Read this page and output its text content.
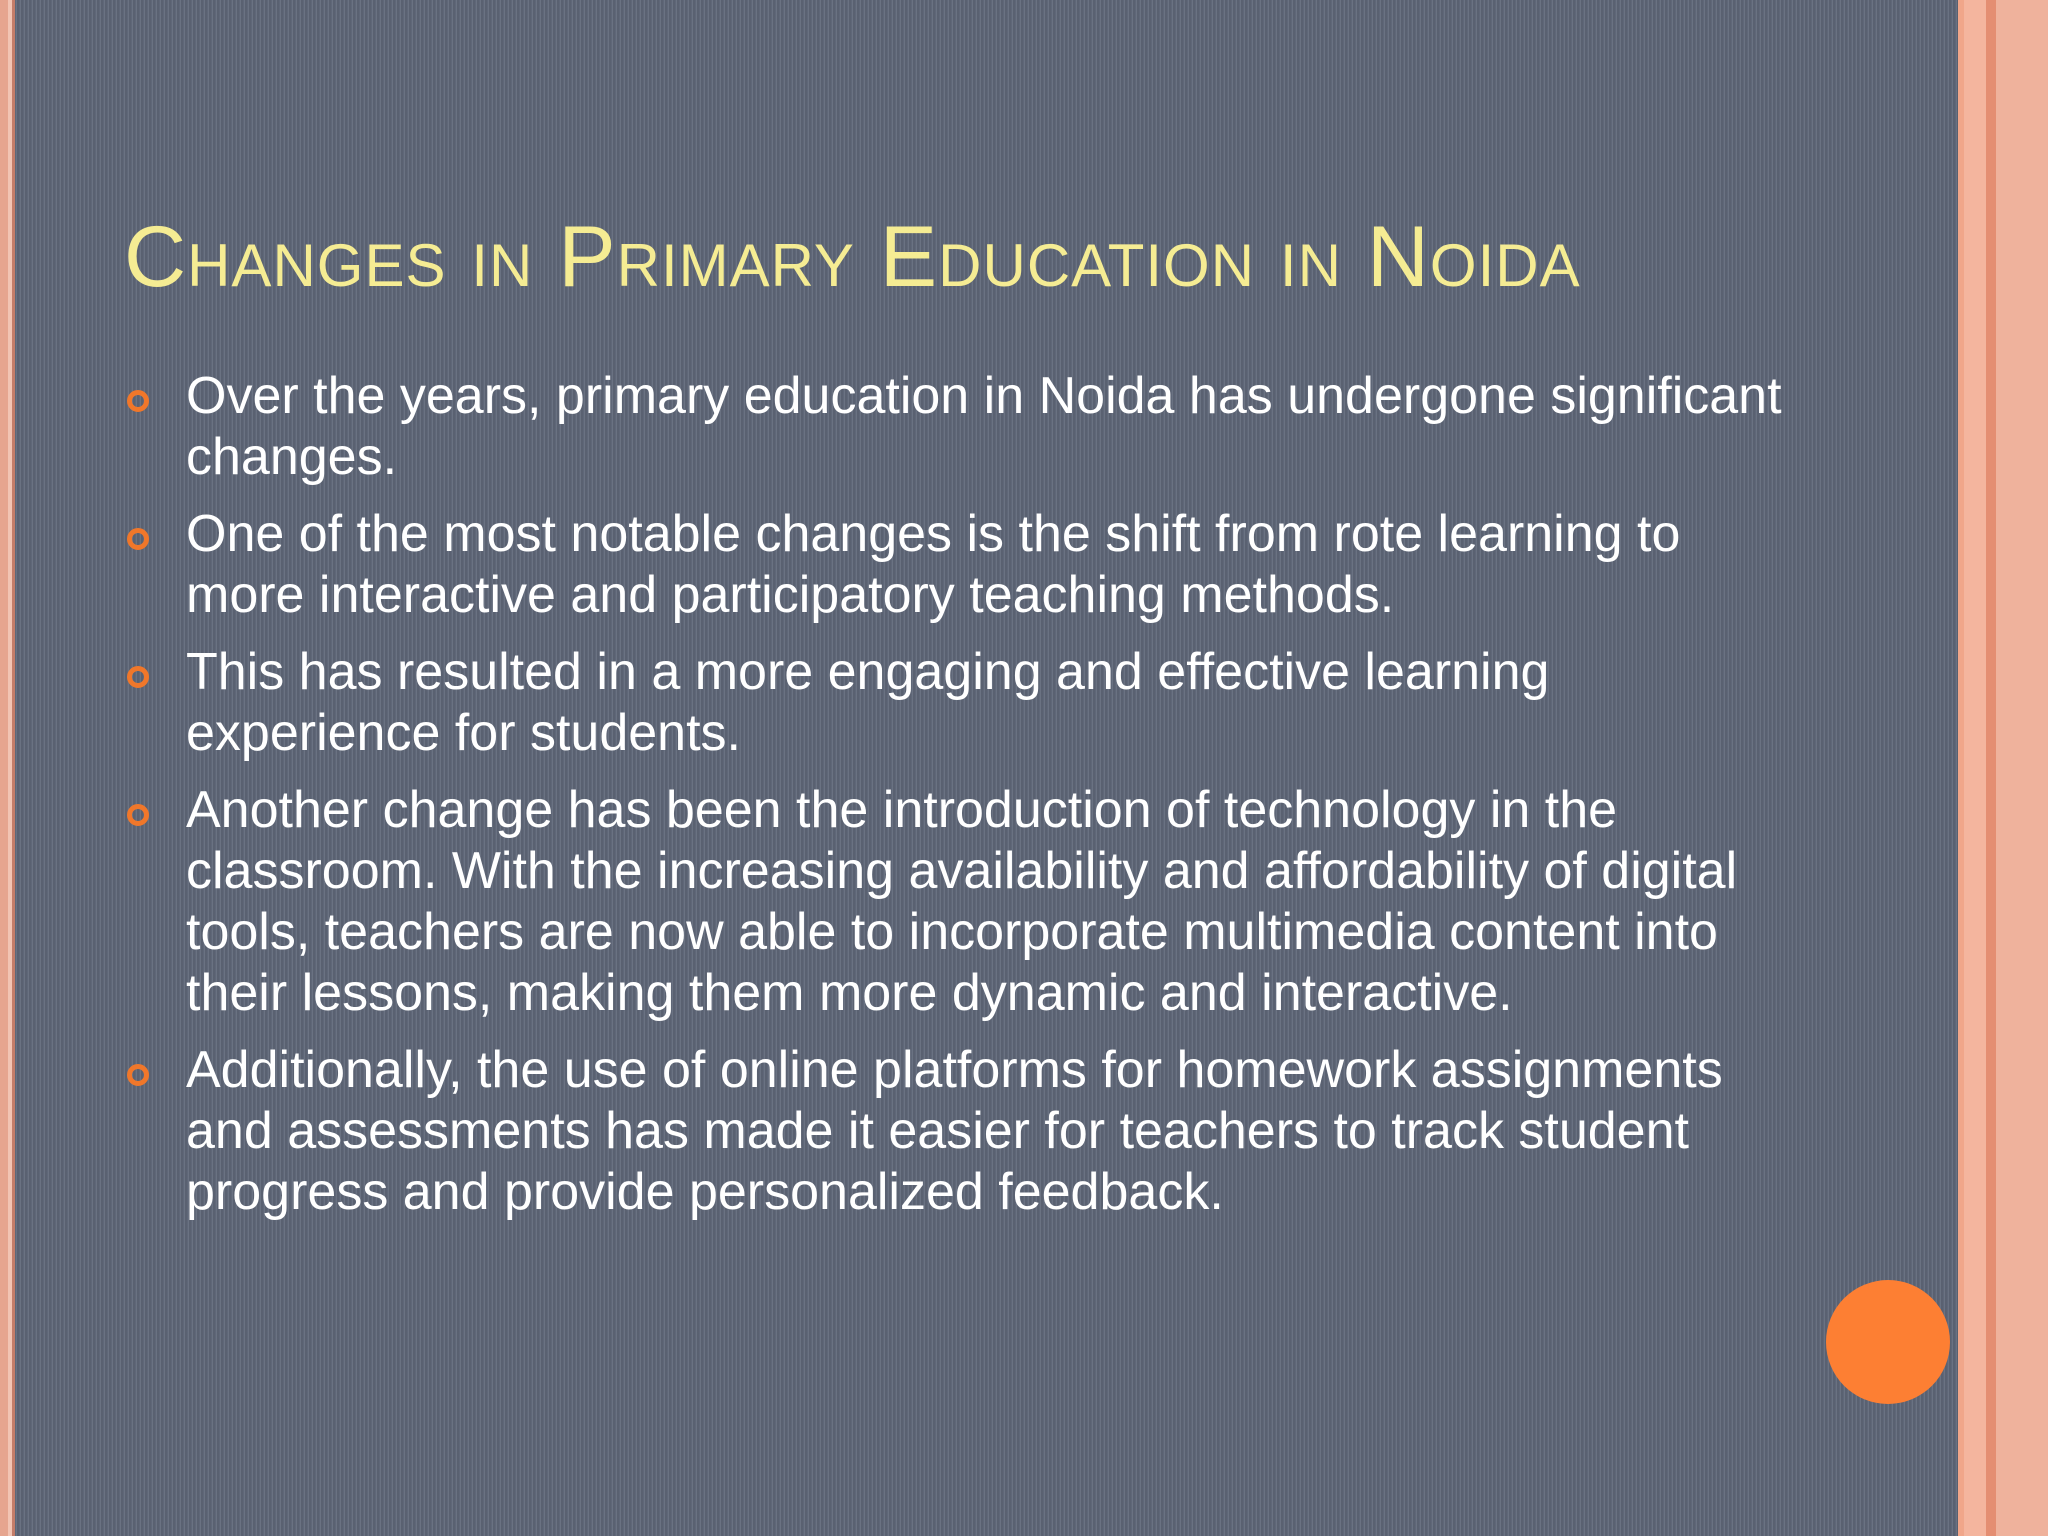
Changes in Primary Education in Noida
Over the years, primary education in Noida has undergone significant changes.
One of the most notable changes is the shift from rote learning to more interactive and participatory teaching methods.
This has resulted in a more engaging and effective learning experience for students.
Another change has been the introduction of technology in the classroom. With the increasing availability and affordability of digital tools, teachers are now able to incorporate multimedia content into their lessons, making them more dynamic and interactive.
Additionally, the use of online platforms for homework assignments and assessments has made it easier for teachers to track student progress and provide personalized feedback.
